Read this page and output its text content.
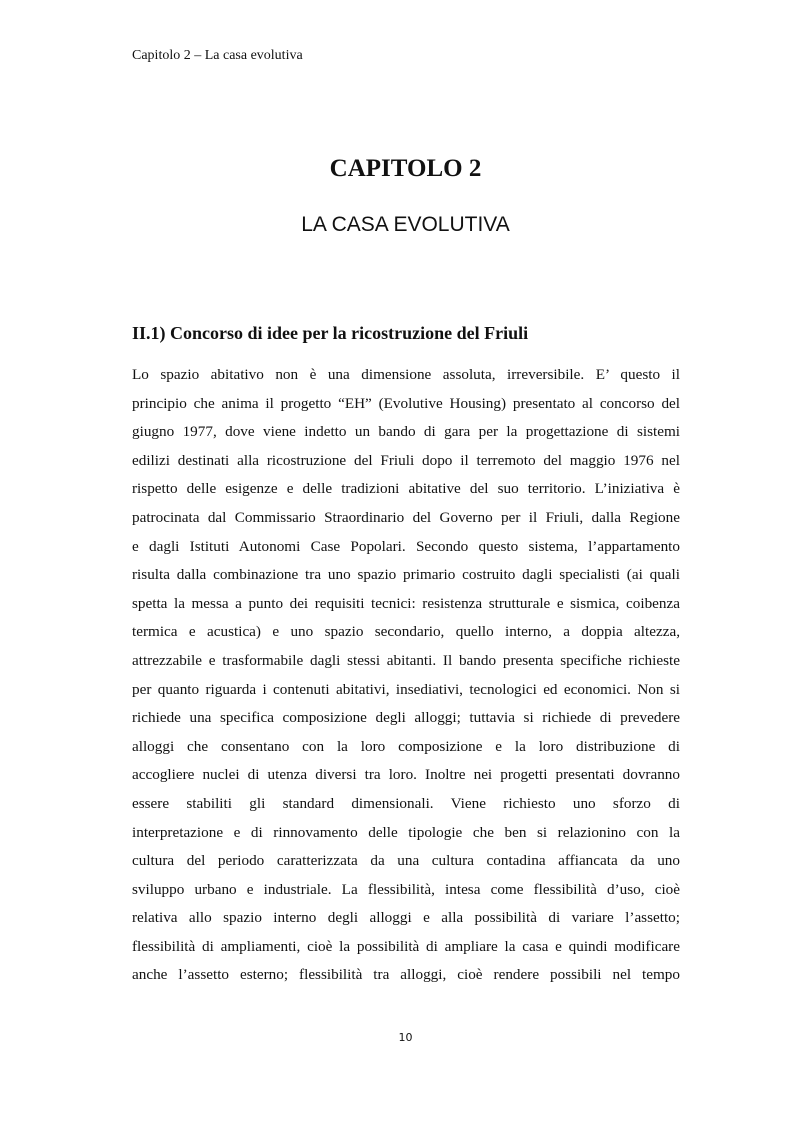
Capitolo 2 – La casa evolutiva
CAPITOLO 2
LA CASA EVOLUTIVA
II.1) Concorso di idee per la ricostruzione del Friuli
Lo spazio abitativo non è una dimensione assoluta, irreversibile. E’ questo il
principio che anima il progetto “EH” (Evolutive Housing) presentato al concorso del
giugno 1977, dove viene indetto un bando di gara per la progettazione di sistemi
edilizi destinati alla ricostruzione del Friuli dopo il terremoto del maggio 1976 nel
rispetto delle esigenze e delle tradizioni abitative del suo territorio. L’iniziativa è
patrocinata dal Commissario Straordinario del Governo per il Friuli, dalla Regione
e dagli Istituti Autonomi Case Popolari. Secondo questo sistema, l’appartamento
risulta dalla combinazione tra uno spazio primario costruito dagli specialisti (ai quali
spetta la messa a punto dei requisiti tecnici: resistenza strutturale e sismica, coibenza
termica e acustica) e uno spazio secondario, quello interno, a doppia altezza,
attrezzabile e trasformabile dagli stessi abitanti. Il bando presenta specifiche richieste
per quanto riguarda i contenuti abitativi, insediativi, tecnologici ed economici. Non si
richiede una specifica composizione degli alloggi; tuttavia si richiede di prevedere
alloggi che consentano con la loro composizione e la loro distribuzione di
accogliere nuclei di utenza diversi tra loro. Inoltre nei progetti presentati dovranno
essere stabiliti gli standard dimensionali. Viene richiesto uno sforzo di
interpretazione e di rinnovamento delle tipologie che ben si relazionino con la
cultura del periodo caratterizzata da una cultura contadina affiancata da uno
sviluppo urbano e industriale. La flessibilità, intesa come flessibilità d’uso, cioè
relativa allo spazio interno degli alloggi e alla possibilità di variare l’assetto;
flessibilità di ampliamenti, cioè la possibilità di ampliare la casa e quindi modificare
anche l’assetto esterno; flessibilità tra alloggi, cioè rendere possibili nel tempo
10
